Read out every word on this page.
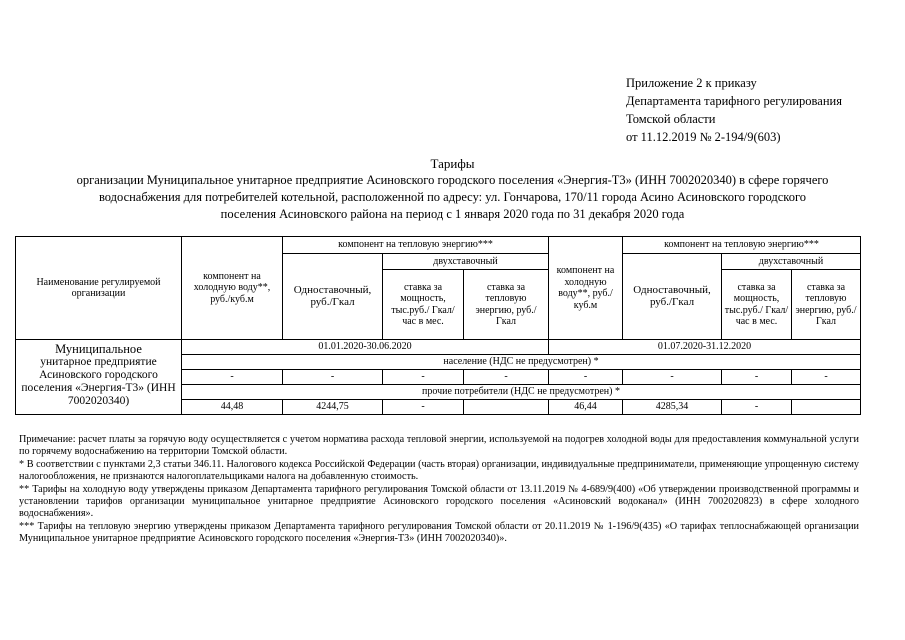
Приложение 2 к приказу
Департамента тарифного регулирования
Томской области
от 11.12.2019 № 2-194/9(603)
Тарифы
организации Муниципальное унитарное предприятие Асиновского городского поселения «Энергия-Т3» (ИНН 7002020340) в сфере горячего
водоснабжения для потребителей котельной, расположенной по адресу: ул. Гончарова, 170/11 города Асино Асиновского городского
поселения Асиновского района на период с 1 января 2020 года по 31 декабря 2020 года
Наименование регулируемой организации	компонент на холодную воду**, руб./куб.м	компонент на тепловую энергию***			компонент на холодную воду**, руб./куб.м	компонент на тепловую энергию***		
		Одноставочный, руб./Гкал	двухставочный			Одноставочный, руб./Гкал	двухставочный	
			ставка за мощность, тыс.руб./ Гкал/час в мес.	ставка за тепловую энергию, руб./Гкал			ставка за мощность, тыс.руб./ Гкал/час в мес.	ставка за тепловую энергию, руб./Гкал

Муниципальное
унитарное предприятие Асиновского городского поселения «Энергия-Т3» (ИНН 7002020340)	01.01.2020-30.06.2020				01.07.2020-31.12.2020			
	население (НДС не предусмотрен) *							
	-	-	-	-	-	-	-	-
	прочие потребители (НДС не предусмотрен) *							
	44,48	4244,75	-		46,44	4285,34	-	

Примечание: расчет платы за горячую воду осуществляется с учетом норматива расхода тепловой энергии, используемой на подогрев холодной воды для предоставления коммунальной услуги по горячему водоснабжению на территории Томской области.

* В соответствии с пунктами 2,3 статьи 346.11. Налогового кодекса Российской Федерации (часть вторая) организации, индивидуальные предприниматели, применяющие упрощенную систему налогообложения, не признаются налогоплательщиками налога на добавленную стоимость.

** Тарифы на холодную воду утверждены приказом Департамента тарифного регулирования Томской области от 13.11.2019 № 4-689/9(400) «Об утверждении производственной программы и установлении тарифов организации муниципальное унитарное предприятие Асиновского городского поселения «Асиновский водоканал» (ИНН 7002020823) в сфере холодного водоснабжения».

*** Тарифы на тепловую энергию утверждены приказом Департамента тарифного регулирования Томской области от 20.11.2019 № 1-196/9(435) «О тарифах теплоснабжающей организации Муниципальное унитарное предприятие Асиновского городского поселения «Энергия-Т3» (ИНН 7002020340)».
